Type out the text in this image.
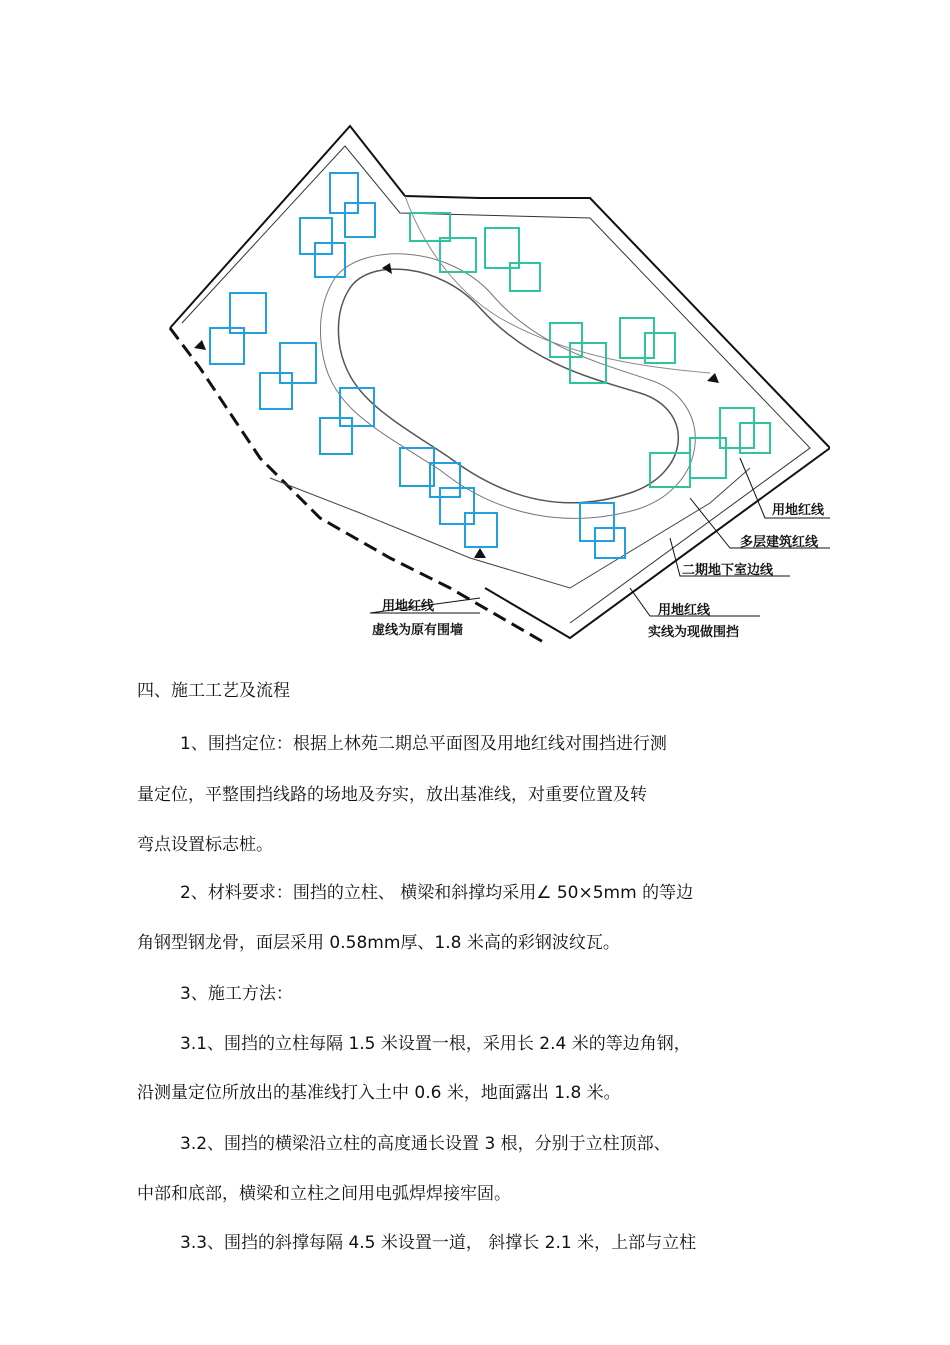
用地红线
多层建筑红线
二期地下室边线
用地红线
虚线为原有围墙
用地红线
实线为现做围挡
四、施工工艺及流程
1、围挡定位：根据上林苑二期总平面图及用地红线对围挡进行测
量定位，平整围挡线路的场地及夯实，放出基准线，对重要位置及转
弯点设置标志桩。
2、材料要求：围挡的立柱、 横梁和斜撑均采用∠ 50×5mm 的等边
角钢型钢龙骨，面层采用 0.58mm厚、1.8 米高的彩钢波纹瓦。
3、施工方法：
3.1、围挡的立柱每隔 1.5 米设置一根，采用长 2.4 米的等边角钢，
沿测量定位所放出的基准线打入土中 0.6 米，地面露出 1.8 米。
3.2、围挡的横梁沿立柱的高度通长设置 3 根，分别于立柱顶部、
中部和底部，横梁和立柱之间用电弧焊焊接牢固。
3.3、围挡的斜撑每隔 4.5 米设置一道， 斜撑长 2.1 米，上部与立柱
